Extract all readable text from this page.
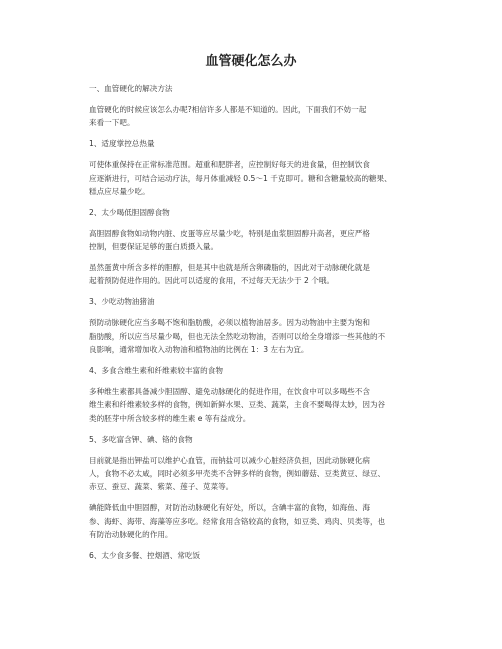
血管硬化怎么办
一、血管硬化的解决方法
血管硬化的时候应该怎么办呢?相信许多人都是不知道的。因此，下面我们不妨一起
来看一下吧。
1、适度掌控总热量
可使体重保持在正常标准范围。超重和肥胖者，应控制好每天的进食量，但控制饮食
应逐渐进行，可结合运动疗法，每月体重减轻 0.5～1 千克即可。糖和含糖量较高的糖果、
糕点应尽量少吃。
2、太少喝低胆固醇食物
高胆固醇食物如动物内脏、皮蛋等应尽量少吃，特别是血浆胆固醇升高者，更应严格
控制，但要保证足够的蛋白质摄入量。
虽然蛋黄中所含多样的胆醇，但是其中也就是所含卵磷脂的，因此对于动脉硬化就是
起着预防促进作用的。因此可以适度的食用，不过每天无法少于 2 个哦。
3、少吃动物油猪油
预防动脉硬化应当多喝不饱和脂肪酸，必须以植物油居多。因为动物油中主要为饱和
脂肪酸，所以应当尽量少喝，但也无法全然吃动物油，否则可以给全身增添一些其他的不
良影响，通常增加收入动物油和植物油的比例在 1：3 左右为宜。
4、多食含维生素和纤维素较丰富的食物
多种维生素都具备减少胆固醇、避免动脉硬化的促进作用，在饮食中可以多喝些不含
维生素和纤维素较多样的食物，例如新鲜水果、豆类、蔬菜，主食不要喝得太妙，因为谷
类的胚芽中所含较多样的维生素 e 等有益成分。
5、多吃富含钾、碘、铬的食物
目前就是指出钾盐可以维护心血管，而钠盐可以减少心脏经济负担，因此动脉硬化病
人，食物不必太咸，同时必须多甲壳类不含钾多样的食物，例如蘑菇、豆类黄豆、绿豆、
赤豆、蚕豆、蔬菜、紫菜、莲子、苋菜等。
碘能降低血中胆固醇，对防治动脉硬化有好处，所以，含碘丰富的食物，如海鱼、海
参、海虾、海带、海藻等应多吃。经常食用含铬较高的食物，如豆类、鸡肉、贝类等，也
有防治动脉硬化的作用。
6、太少食多餐、控烟酒、常吃饭
